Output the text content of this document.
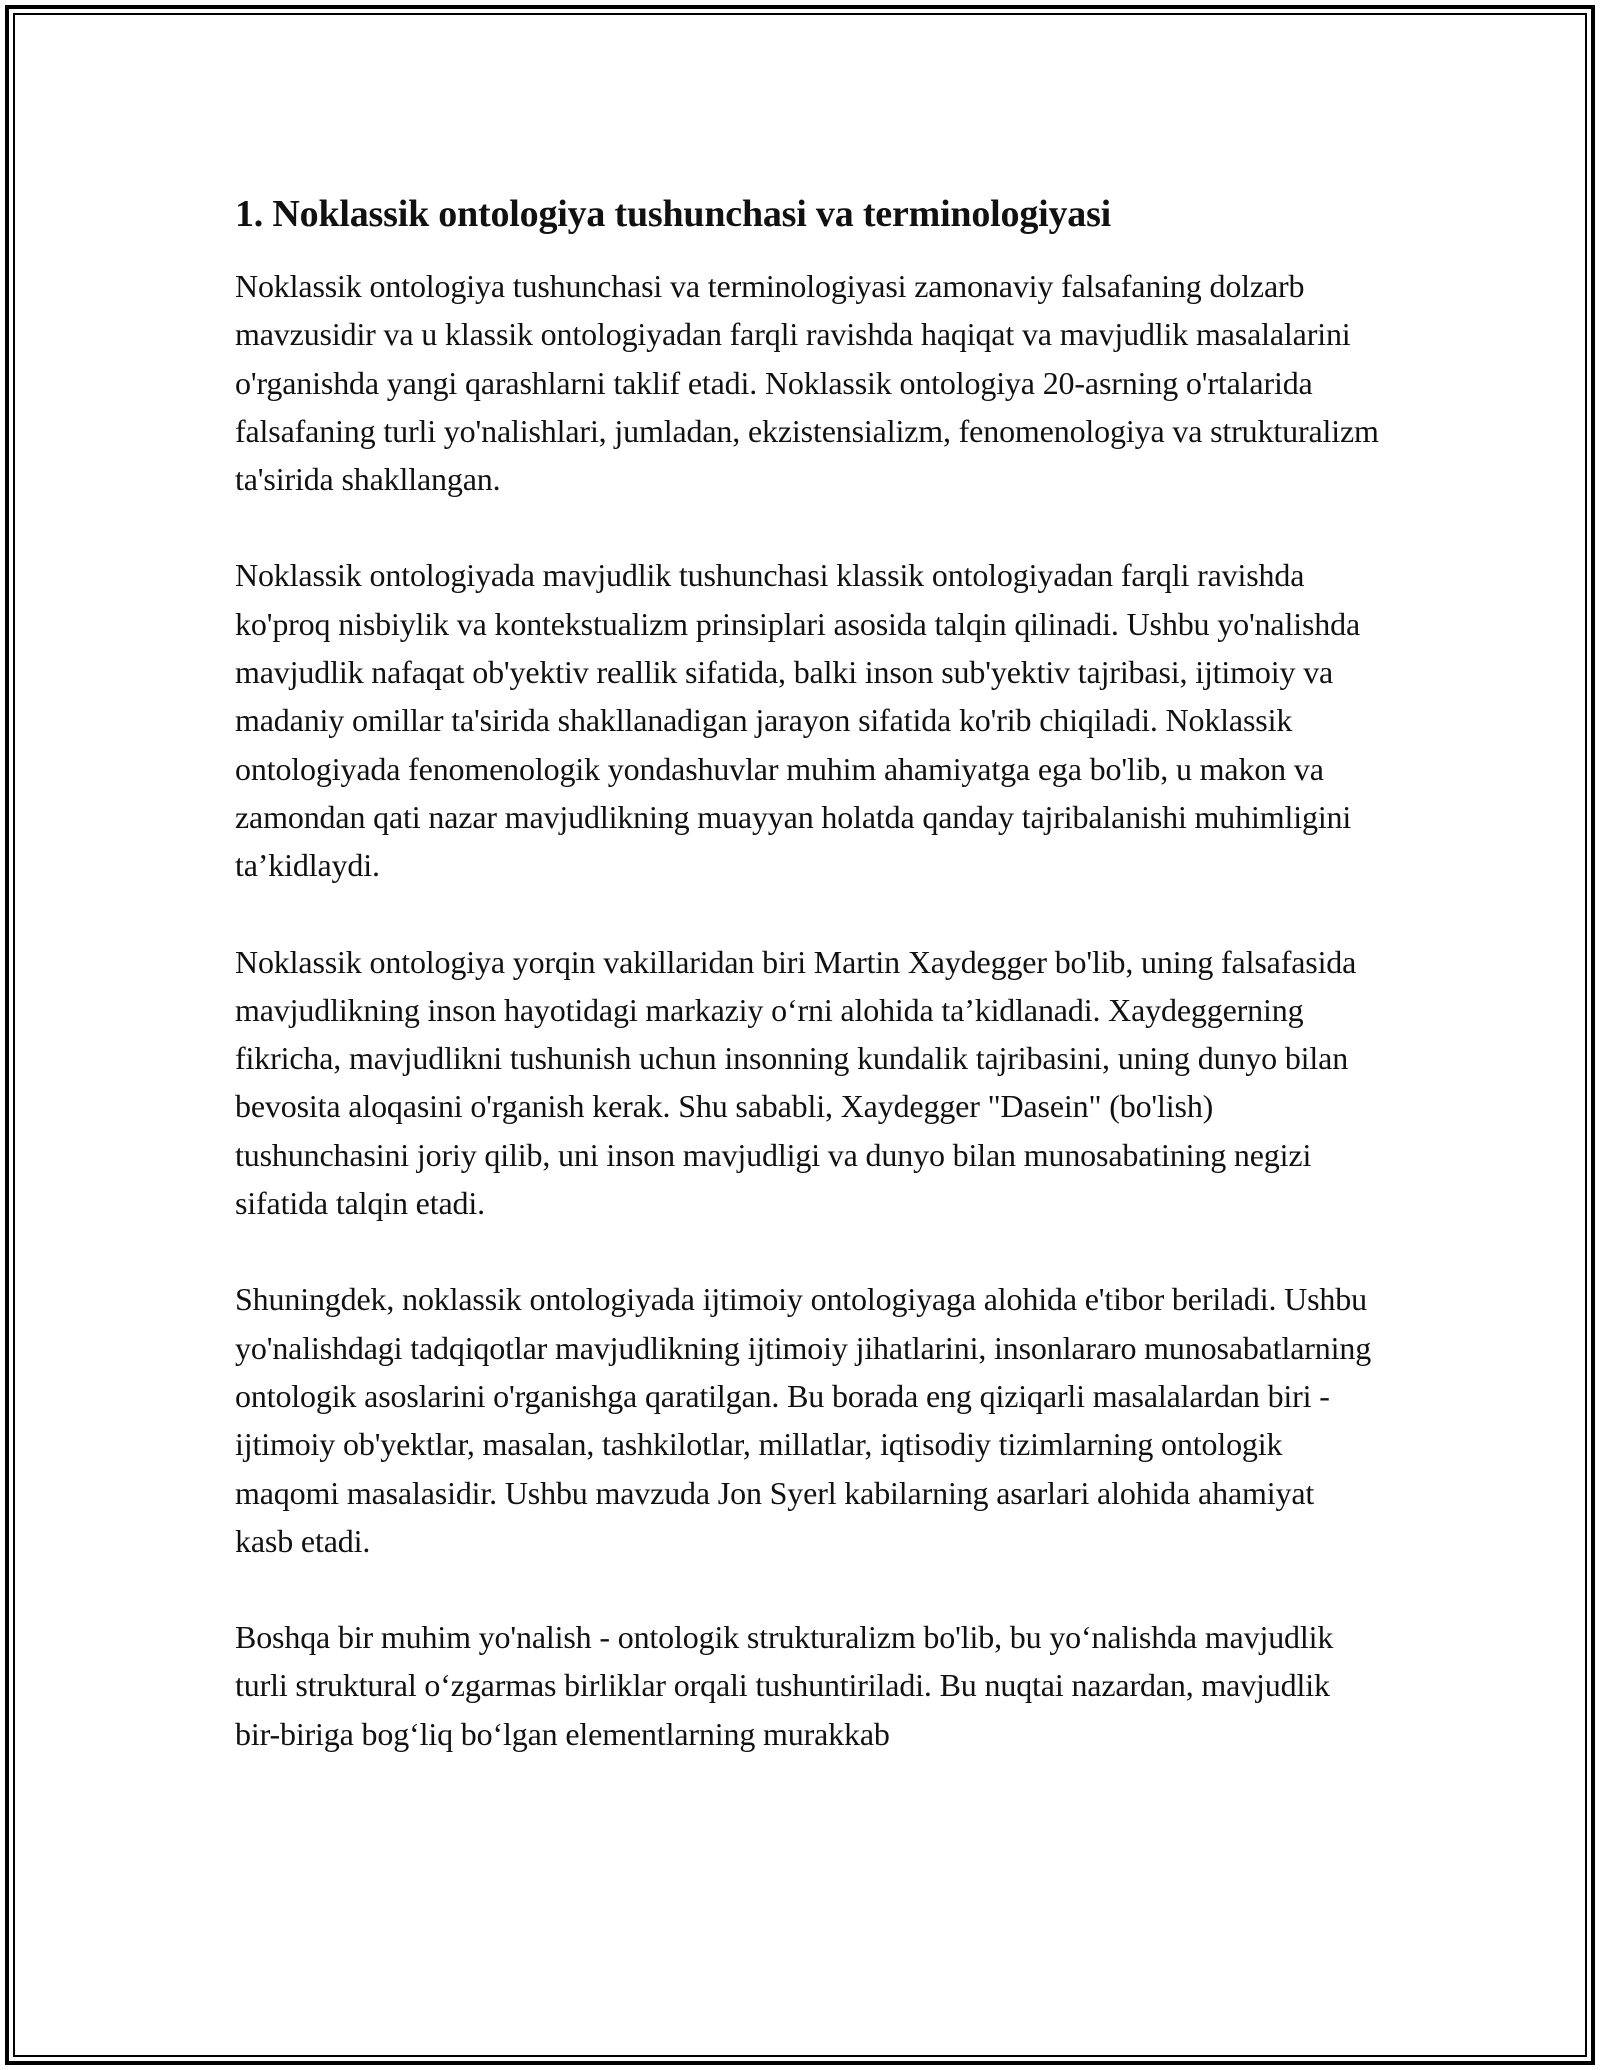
1. Noklassik ontologiya tushunchasi va terminologiyasi

Noklassik ontologiya tushunchasi va terminologiyasi zamonaviy falsafaning dolzarb mavzusidir va u klassik ontologiyadan farqli ravishda haqiqat va mavjudlik masalalarini o'rganishda yangi qarashlarni taklif etadi. Noklassik ontologiya 20-asrning o'rtalarida falsafaning turli yo'nalishlari, jumladan, ekzistensializm, fenomenologiya va strukturalizm ta'sirida shakllangan.

Noklassik ontologiyada mavjudlik tushunchasi klassik ontologiyadan farqli ravishda ko'proq nisbiylik va kontekstualizm prinsiplari asosida talqin qilinadi. Ushbu yo'nalishda mavjudlik nafaqat ob'yektiv reallik sifatida, balki inson sub'yektiv tajribasi, ijtimoiy va madaniy omillar ta'sirida shakllanadigan jarayon sifatida ko'rib chiqiladi. Noklassik ontologiyada fenomenologik yondashuvlar muhim ahamiyatga ega bo'lib, u makon va zamondan qati nazar mavjudlikning muayyan holatda qanday tajribalanishi muhimligini ta’kidlaydi.

Noklassik ontologiya yorqin vakillaridan biri Martin Xaydegger bo'lib, uning falsafasida mavjudlikning inson hayotidagi markaziy o‘rni alohida ta’kidlanadi. Xaydeggerning fikricha, mavjudlikni tushunish uchun insonning kundalik tajribasini, uning dunyo bilan bevosita aloqasini o'rganish kerak. Shu sababli, Xaydegger "Dasein" (bo'lish) tushunchasini joriy qilib, uni inson mavjudligi va dunyo bilan munosabatining negizi sifatida talqin etadi.

Shuningdek, noklassik ontologiyada ijtimoiy ontologiyaga alohida e'tibor beriladi. Ushbu yo'nalishdagi tadqiqotlar mavjudlikning ijtimoiy jihatlarini, insonlararo munosabatlarning ontologik asoslarini o'rganishga qaratilgan. Bu borada eng qiziqarli masalalardan biri - ijtimoiy ob'yektlar, masalan, tashkilotlar, millatlar, iqtisodiy tizimlarning ontologik maqomi masalasidir. Ushbu mavzuda Jon Syerl kabilarning asarlari alohida ahamiyat kasb etadi.

Boshqa bir muhim yo'nalish - ontologik strukturalizm bo'lib, bu yo‘nalishda mavjudlik turli struktural o‘zgarmas birliklar orqali tushuntiriladi. Bu nuqtai nazardan, mavjudlik bir-biriga bog‘liq bo‘lgan elementlarning murakkab
